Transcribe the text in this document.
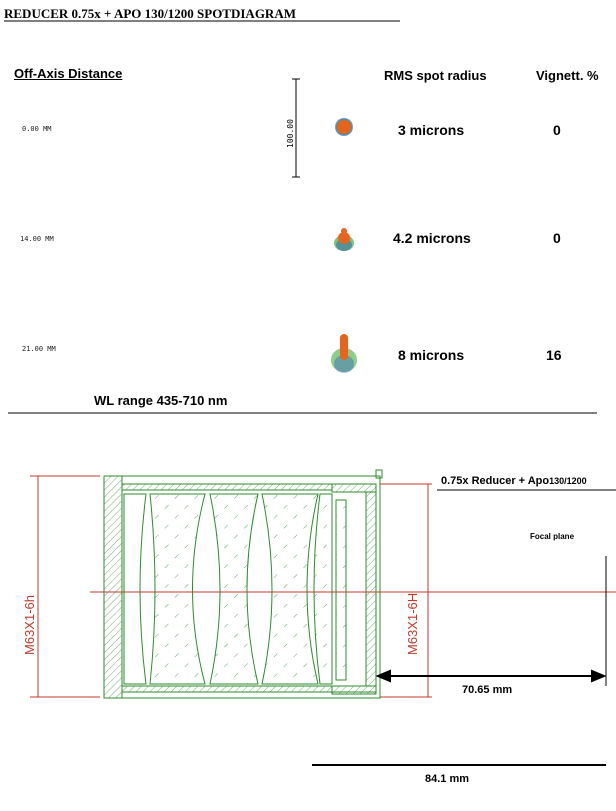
REDUCER 0.75x + APO 130/1200 SPOTDIAGRAM
Off-Axis Distance	RMS spot radius	Vignett. %
100.00
0.00 MM	3 microns	0
14.00 MM	4.2 microns	0
21.00 MM	8 microns	16
WL range 435-710 nm
0.75x Reducer + Apo130/1200
Focal plane
70.65 mm
84.1 mm
M63X1-6h	M63X1-6H
